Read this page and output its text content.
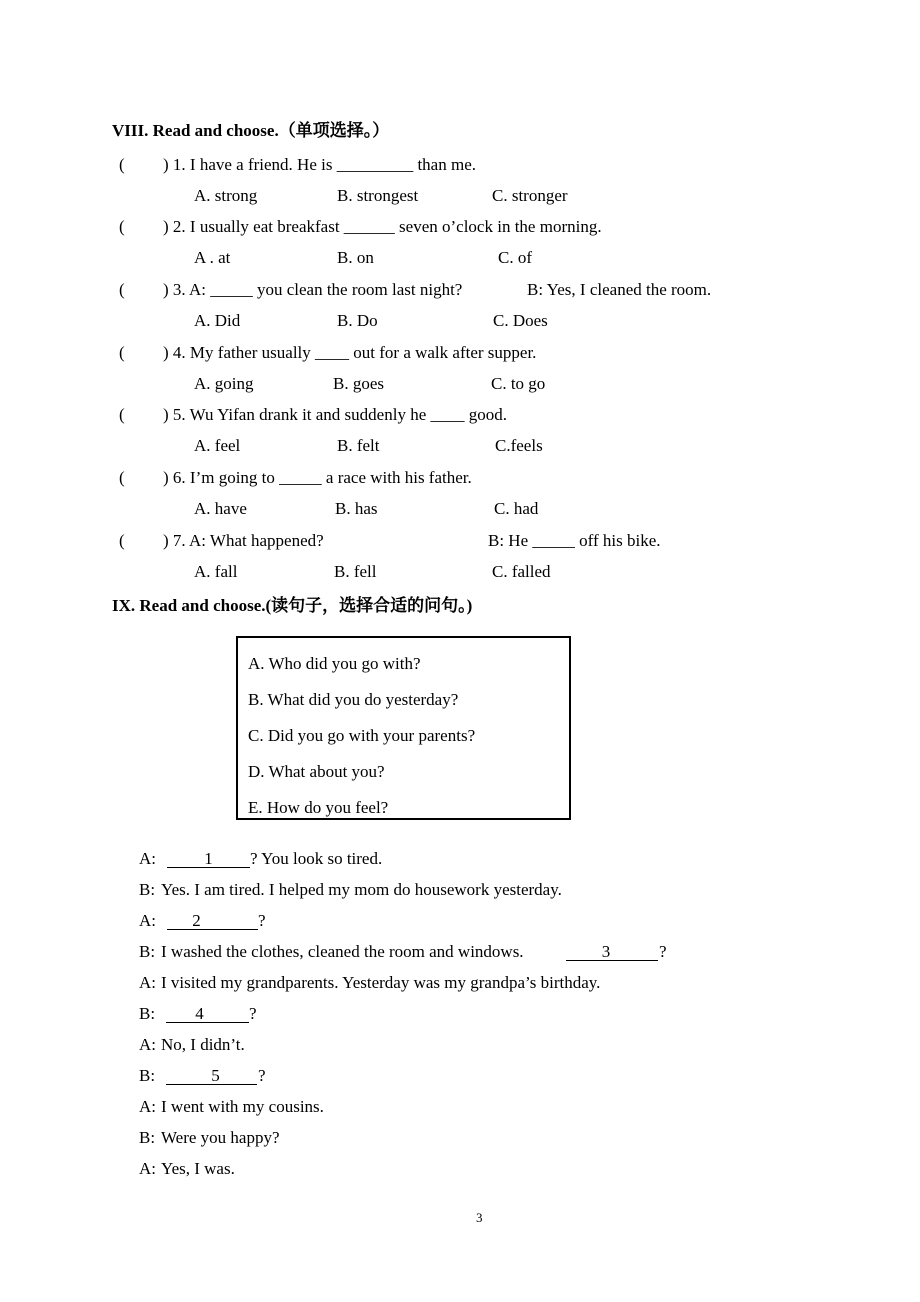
VIII. Read and choose.（单项选择。）
( ) 1. I have a friend. He is _________ than me.
A. strong	B. strongest	C. stronger
( ) 2. I usually eat breakfast ______ seven o’clock in the morning.
A . at	B. on	C. of
( ) 3. A: _____ you clean the room last night?	B: Yes, I cleaned the room.
A. Did	B. Do	C. Does
( ) 4. My father usually ____ out for a walk after supper.
A. going	B. goes	C. to go
( ) 5. Wu Yifan drank it and suddenly he ____ good.
A. feel	B. felt	C.feels
( ) 6. I’m going to _____ a race with his father.
A. have	B. has	C. had
( ) 7. A: What happened?	B: He _____ off his bike.
A. fall	B. fell	C. falled
IX. Read and choose.(读句子，选择合适的问句。)
A. Who did you go with?
B. What did you do yesterday?
C. Did you go with your parents?
D. What about you?
E. How do you feel?
A:	1	? You look so tired.
B: Yes. I am tired. I helped my mom do housework yesterday.
A:	2	?
B: I washed the clothes, cleaned the room and windows.	3	?
A: I visited my grandparents. Yesterday was my grandpa’s birthday.
B:	4	?
A: No, I didn’t.
B:	5	?
A: I went with my cousins.
B: Were you happy?
A: Yes, I was.
3
